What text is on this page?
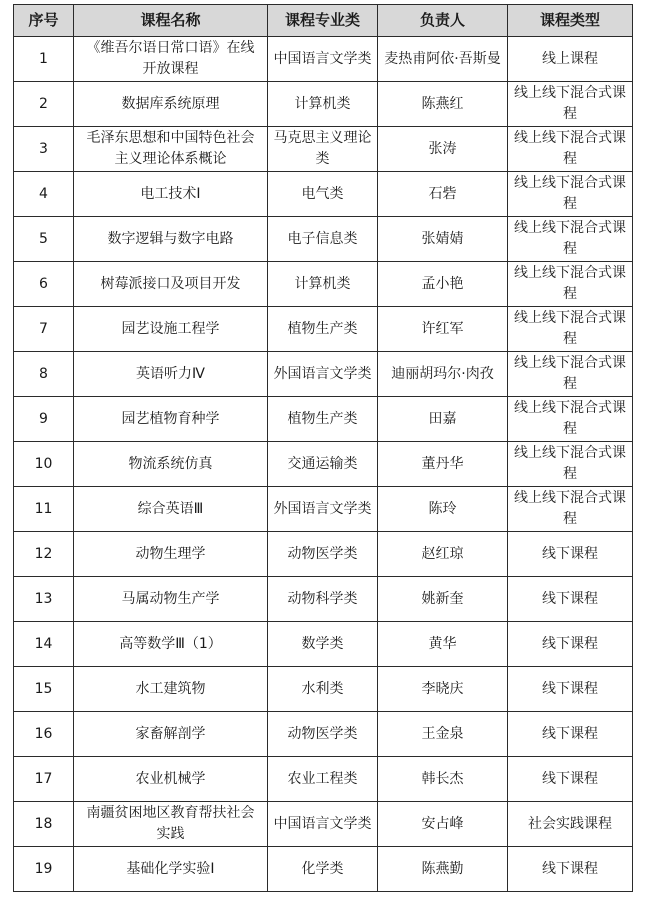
序号	课程名称	课程专业类	负责人	课程类型
1	《维吾尔语日常口语》在线开放课程	中国语言文学类	麦热甫阿依·吾斯曼	线上课程
2	数据库系统原理	计算机类	陈燕红	线上线下混合式课程
3	毛泽东思想和中国特色社会主义理论体系概论	马克思主义理论类	张涛	线上线下混合式课程
4	电工技术Ⅰ	电气类	石砦	线上线下混合式课程
5	数字逻辑与数字电路	电子信息类	张婧婧	线上线下混合式课程
6	树莓派接口及项目开发	计算机类	孟小艳	线上线下混合式课程
7	园艺设施工程学	植物生产类	许红军	线上线下混合式课程
8	英语听力Ⅳ	外国语言文学类	迪丽胡玛尔·肉孜	线上线下混合式课程
9	园艺植物育种学	植物生产类	田嘉	线上线下混合式课程
10	物流系统仿真	交通运输类	董丹华	线上线下混合式课程
11	综合英语Ⅲ	外国语言文学类	陈玲	线上线下混合式课程
12	动物生理学	动物医学类	赵红琼	线下课程
13	马属动物生产学	动物科学类	姚新奎	线下课程
14	高等数学Ⅲ（1）	数学类	黄华	线下课程
15	水工建筑物	水利类	李晓庆	线下课程
16	家畜解剖学	动物医学类	王金泉	线下课程
17	农业机械学	农业工程类	韩长杰	线下课程
18	南疆贫困地区教育帮扶社会实践	中国语言文学类	安占峰	社会实践课程
19	基础化学实验Ⅰ	化学类	陈燕勤	线下课程
